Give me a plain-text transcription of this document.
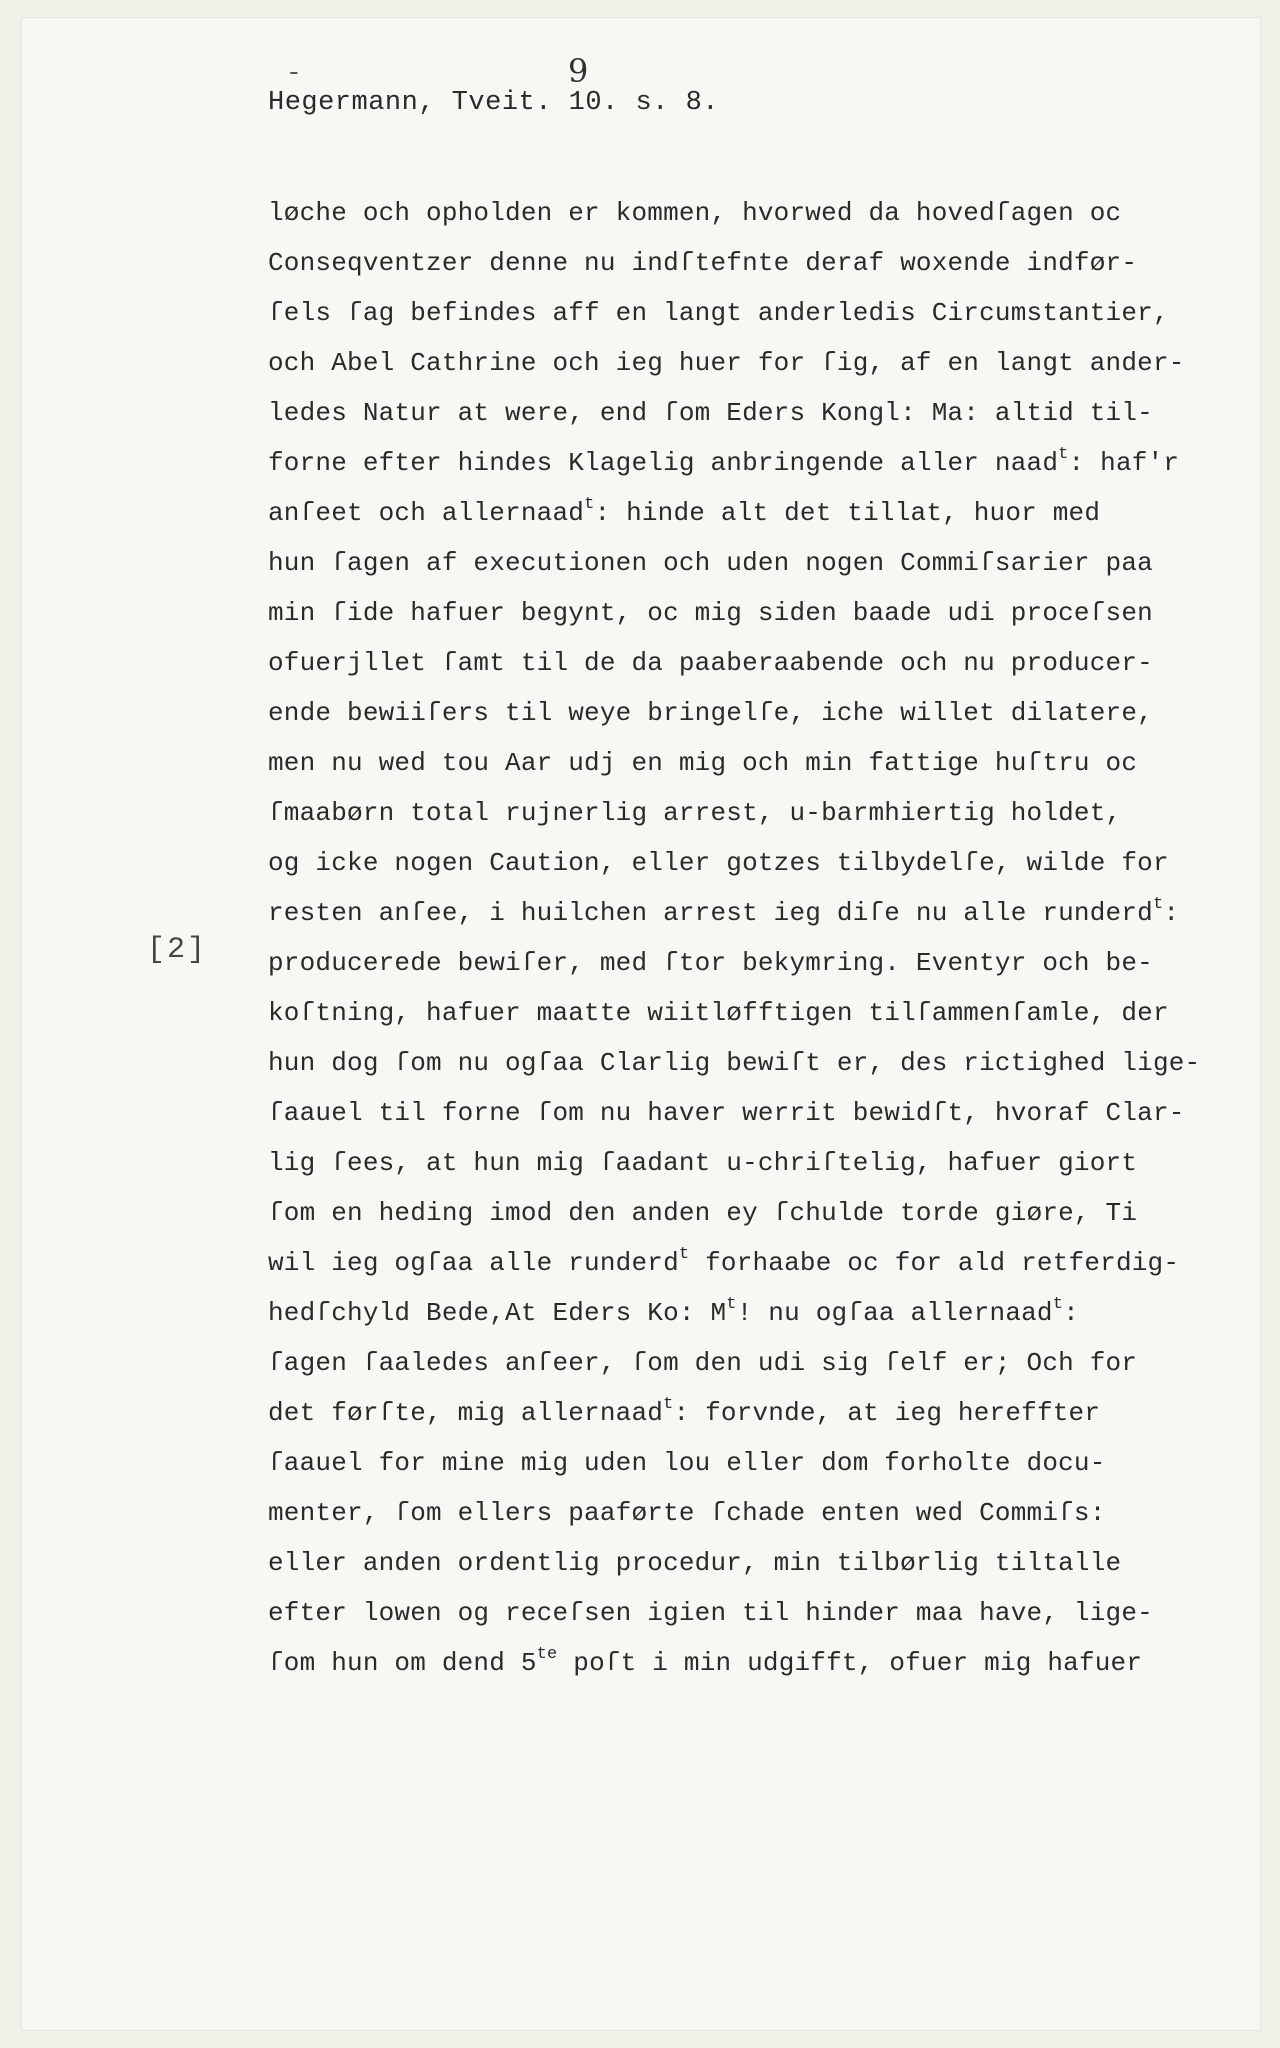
-	9
Hegermann, Tveit. 10. s. 8.
[2]
løche och opholden er kommen, hvorwed da hovedſagen oc
Conseqventzer denne nu indſtefnte deraf woxende indfør-
ſels ſag befindes aff en langt anderledis Circumstantier,
och Abel Cathrine och ieg huer for ſig, af en langt ander-
ledes Natur at were, end ſom Eders Kongl: Ma: altid til-
forne efter hindes Klagelig anbringende aller naad$^t$: haf'r
anſeet och allernaad$^t$: hinde alt det tillat, huor med
hun ſagen af executionen och uden nogen Commiſsarier paa
min ſide hafuer begynt, oc mig siden baade udi proceſsen
ofuerjllet ſamt til de da paaberaabende och nu producer-
ende bewiiſers til weye bringelſe, iche willet dilatere,
men nu wed tou Aar udj en mig och min fattige huſtru oc
ſmaabørn total rujnerlig arrest, u-barmhiertig holdet,
og icke nogen Caution, eller gotzes tilbydelſe, wilde for
resten anſee, i huilchen arrest ieg diſe nu alle runderd$^t$:
producerede bewiſer, med ſtor bekymring. Eventyr och be-
koſtning, hafuer maatte wiitløfftigen tilſammenſamle, der
hun dog ſom nu ogſaa Clarlig bewiſt er, des rictighed lige-
ſaauel til forne ſom nu haver werrit bewidſt, hvoraf Clar-
lig ſees, at hun mig ſaadant u-chriſtelig, hafuer giort
ſom en heding imod den anden ey ſchulde torde giøre, Ti
wil ieg ogſaa alle runderd$^t$ forhaabe oc for ald retferdig-
hedſchyld Bede,At Eders Ko: $M^t$! nu ogſaa allernaad$^t$:
ſagen ſaaledes anſeer, ſom den udi sig ſelf er; Och for
det førſte, mig allernaad$^t$: forvnde, at ieg hereffter
ſaauel for mine mig uden lou eller dom forholte docu-
menter, ſom ellers paaførte ſchade enten wed Commiſs:
eller anden ordentlig procedur, min tilbørlig tiltalle
efter lowen og receſsen igien til hinder maa have, lige-
ſom hun om dend $5^{te}$ poſt i min udgifft, ofuer mig hafuer
